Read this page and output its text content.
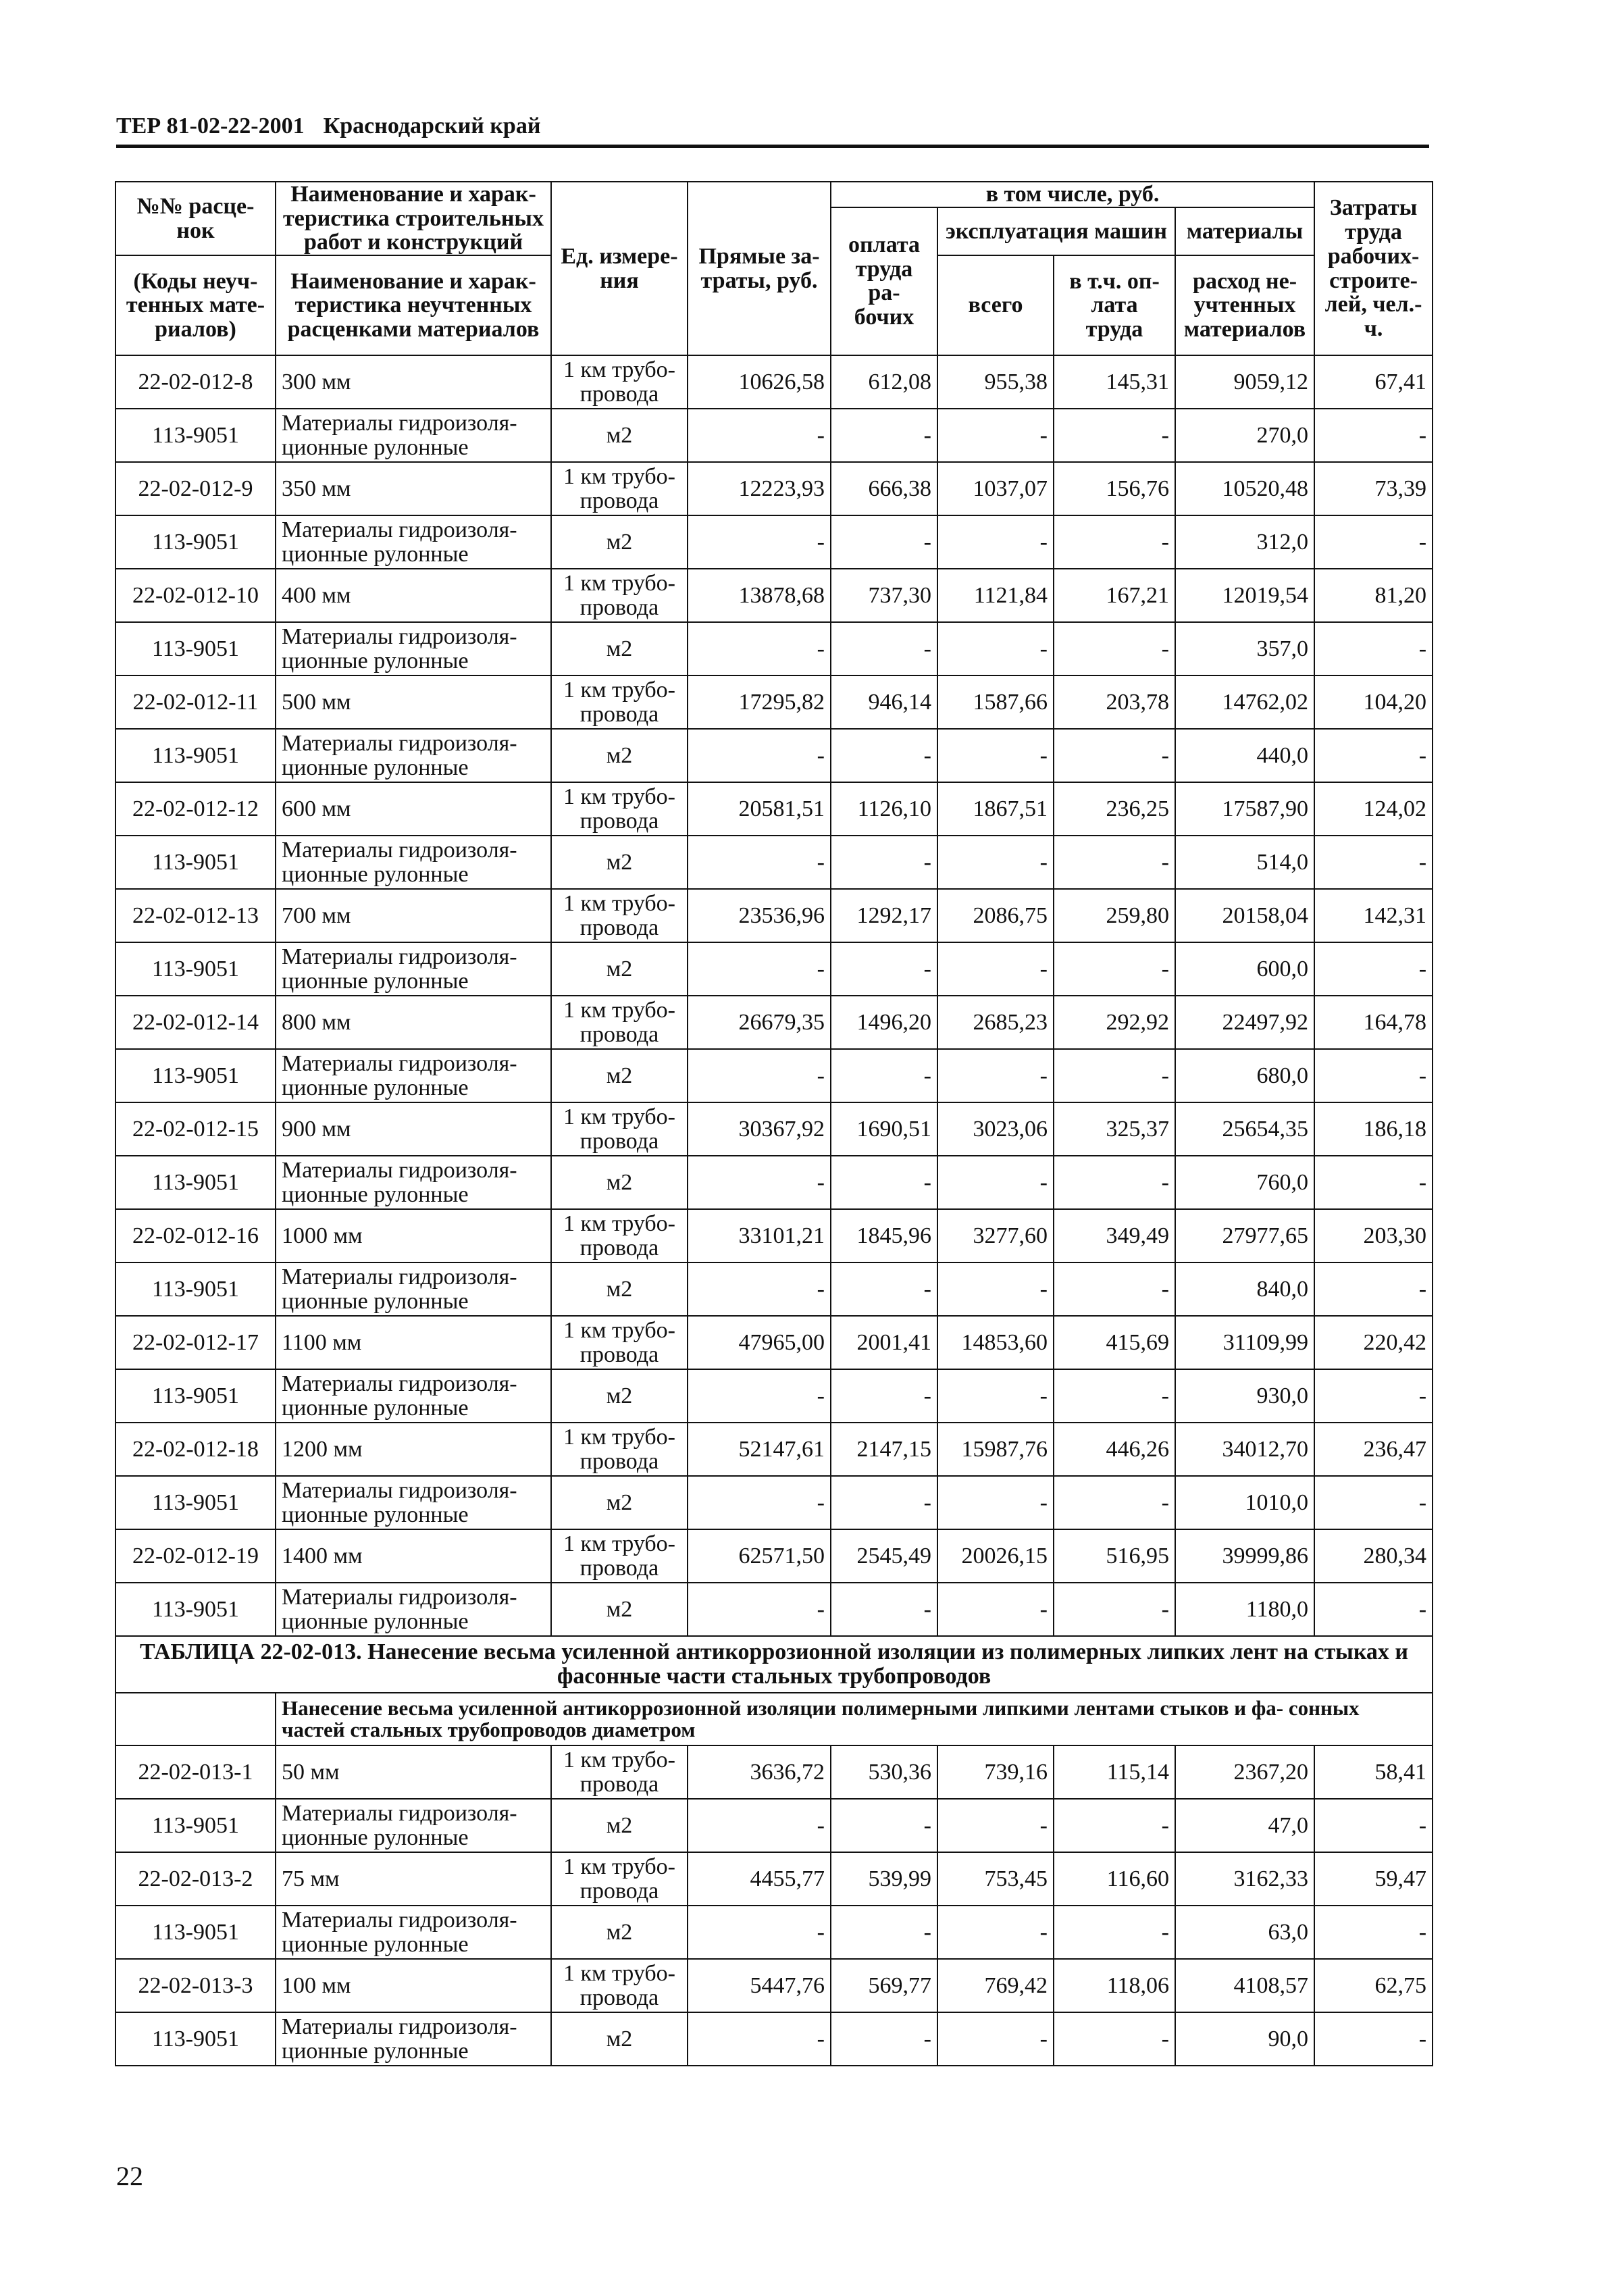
ТЕР 81-02-22-2001 Краснодарский край
№№ расце- нок	Наименование и харак- теристика строительных работ и конструкций	Ед. измере- ния	Прямые за- траты, руб.	в том числе, руб.				Затраты труда рабочих- строите- лей, чел.-ч.
				оплата труда ра- бочих	эксплуатация машин		материалы	
(Коды неуч- тенных мате- риалов)	Наименование и харак- теристика неучтенных расценками материалов				всего	в т.ч. оп- лата труда	расход не- учтенных материалов	

22-02-012-8	300 мм	1 км трубо- провода	10626,58	612,08	955,38	145,31	9059,12	67,41
113-9051	Материалы гидроизоля- ционные рулонные	м2	-	-	-	-	270,0	-
22-02-012-9	350 мм	1 км трубо- провода	12223,93	666,38	1037,07	156,76	10520,48	73,39
113-9051	Материалы гидроизоля- ционные рулонные	м2	-	-	-	-	312,0	-
22-02-012-10	400 мм	1 км трубо- провода	13878,68	737,30	1121,84	167,21	12019,54	81,20
113-9051	Материалы гидроизоля- ционные рулонные	м2	-	-	-	-	357,0	-
22-02-012-11	500 мм	1 км трубо- провода	17295,82	946,14	1587,66	203,78	14762,02	104,20
113-9051	Материалы гидроизоля- ционные рулонные	м2	-	-	-	-	440,0	-
22-02-012-12	600 мм	1 км трубо- провода	20581,51	1126,10	1867,51	236,25	17587,90	124,02
113-9051	Материалы гидроизоля- ционные рулонные	м2	-	-	-	-	514,0	-
22-02-012-13	700 мм	1 км трубо- провода	23536,96	1292,17	2086,75	259,80	20158,04	142,31
113-9051	Материалы гидроизоля- ционные рулонные	м2	-	-	-	-	600,0	-
22-02-012-14	800 мм	1 км трубо- провода	26679,35	1496,20	2685,23	292,92	22497,92	164,78
113-9051	Материалы гидроизоля- ционные рулонные	м2	-	-	-	-	680,0	-
22-02-012-15	900 мм	1 км трубо- провода	30367,92	1690,51	3023,06	325,37	25654,35	186,18
113-9051	Материалы гидроизоля- ционные рулонные	м2	-	-	-	-	760,0	-
22-02-012-16	1000 мм	1 км трубо- провода	33101,21	1845,96	3277,60	349,49	27977,65	203,30
113-9051	Материалы гидроизоля- ционные рулонные	м2	-	-	-	-	840,0	-
22-02-012-17	1100 мм	1 км трубо- провода	47965,00	2001,41	14853,60	415,69	31109,99	220,42
113-9051	Материалы гидроизоля- ционные рулонные	м2	-	-	-	-	930,0	-
22-02-012-18	1200 мм	1 км трубо- провода	52147,61	2147,15	15987,76	446,26	34012,70	236,47
113-9051	Материалы гидроизоля- ционные рулонные	м2	-	-	-	-	1010,0	-
22-02-012-19	1400 мм	1 км трубо- провода	62571,50	2545,49	20026,15	516,95	39999,86	280,34
113-9051	Материалы гидроизоля- ционные рулонные	м2	-	-	-	-	1180,0	-
ТАБЛИЦА 22-02-013. Нанесение весьма усиленной антикоррозионной изоляции из полимерных липких лент на стыках и фасонные части стальных трубопроводов								
	Нанесение весьма усиленной антикоррозионной изоляции полимерными липкими лентами стыков и фа- сонных частей стальных трубопроводов диаметром							
22-02-013-1	50 мм	1 км трубо- провода	3636,72	530,36	739,16	115,14	2367,20	58,41
113-9051	Материалы гидроизоля- ционные рулонные	м2	-	-	-	-	47,0	-
22-02-013-2	75 мм	1 км трубо- провода	4455,77	539,99	753,45	116,60	3162,33	59,47
113-9051	Материалы гидроизоля- ционные рулонные	м2	-	-	-	-	63,0	-
22-02-013-3	100 мм	1 км трубо- провода	5447,76	569,77	769,42	118,06	4108,57	62,75
113-9051	Материалы гидроизоля- ционные рулонные	м2	-	-	-	-	90,0	-
22
